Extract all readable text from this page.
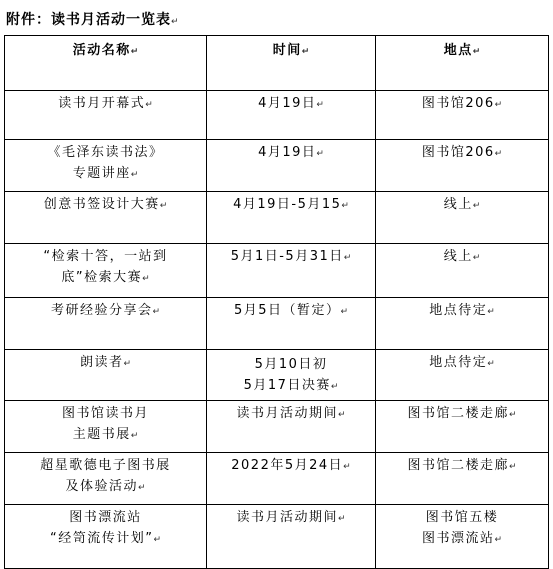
附件：读书月活动一览表↵
活动名称↵	时间↵	地点↵
读书月开幕式↵	4月19日↵	图书馆206↵

《毛泽东读书法》
专题讲座↵	4月19日↵	图书馆206↵
创意书签设计大赛↵	4月19日-5月15↵	线上↵

“检索十答，一站到
底”检索大赛↵	5月1日-5月31日↵	线上↵
考研经验分享会↵	5月5日（暂定）↵	地点待定↵
朗读者↵	5月10日初
5月17日决赛↵	地点待定↵

图书馆读书月
主题书展↵	读书月活动期间↵	图书馆二楼走廊↵

超星歌德电子图书展
及体验活动↵	2022年5月24日↵	图书馆二楼走廊↵

图书漂流站
“经笥流传计划”↵	读书月活动期间↵	图书馆五楼
图书漂流站↵
